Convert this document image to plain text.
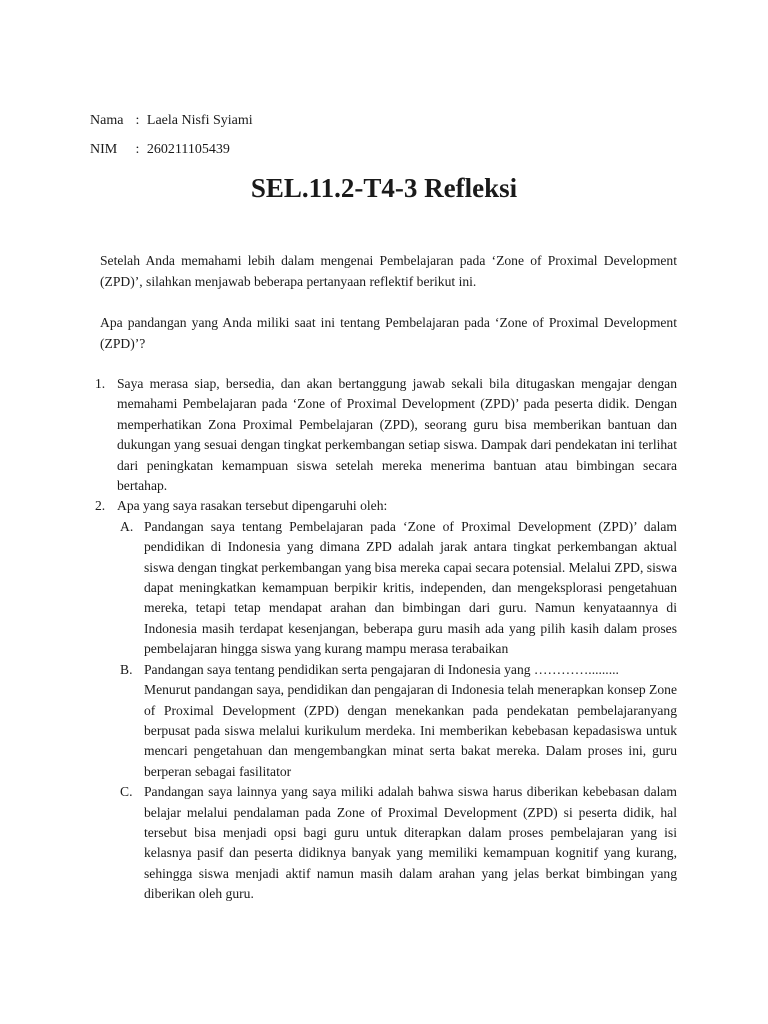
Nama : Laela Nisfi Syiami
NIM : 260211105439
SEL.11.2-T4-3 Refleksi

Setelah Anda memahami lebih dalam mengenai Pembelajaran pada ‘Zone of Proximal Development (ZPD)’, silahkan menjawab beberapa pertanyaan reflektif berikut ini.

Apa pandangan yang Anda miliki saat ini tentang Pembelajaran pada ‘Zone of Proximal Development (ZPD)’?

1. Saya merasa siap, bersedia, dan akan bertanggung jawab sekali bila ditugaskan mengajar dengan memahami Pembelajaran pada ‘Zone of Proximal Development (ZPD)’ pada peserta didik. Dengan memperhatikan Zona Proximal Pembelajaran (ZPD), seorang guru bisa memberikan bantuan dan dukungan yang sesuai dengan tingkat perkembangan setiap siswa. Dampak dari pendekatan ini terlihat dari peningkatan kemampuan siswa setelah mereka menerima bantuan atau bimbingan secara bertahap.
2. Apa yang saya rasakan tersebut dipengaruhi oleh:
A. Pandangan saya tentang Pembelajaran pada ‘Zone of Proximal Development (ZPD)’ dalam pendidikan di Indonesia yang dimana ZPD adalah jarak antara tingkat perkembangan aktual siswa dengan tingkat perkembangan yang bisa mereka capai secara potensial. Melalui ZPD, siswa dapat meningkatkan kemampuan berpikir kritis, independen, dan mengeksplorasi pengetahuan mereka, tetapi tetap mendapat arahan dan bimbingan dari guru. Namun kenyataannya di Indonesia masih terdapat kesenjangan, beberapa guru masih ada yang pilih kasih dalam proses pembelajaran hingga siswa yang kurang mampu merasa terabaikan
B. Pandangan saya tentang pendidikan serta pengajaran di Indonesia yang ………….........
Menurut pandangan saya, pendidikan dan pengajaran di Indonesia telah menerapkan konsep Zone of Proximal Development (ZPD) dengan menekankan pada pendekatan pembelajaranyang berpusat pada siswa melalui kurikulum merdeka. Ini memberikan kebebasan kepadasiswa untuk mencari pengetahuan dan mengembangkan minat serta bakat mereka. Dalam proses ini, guru berperan sebagai fasilitator
C. Pandangan saya lainnya yang saya miliki adalah bahwa siswa harus diberikan kebebasan dalam belajar melalui pendalaman pada Zone of Proximal Development (ZPD) si peserta didik, hal tersebut bisa menjadi opsi bagi guru untuk diterapkan dalam proses pembelajaran yang isi kelasnya pasif dan peserta didiknya banyak yang memiliki kemampuan kognitif yang kurang, sehingga siswa menjadi aktif namun masih dalam arahan yang jelas berkat bimbingan yang diberikan oleh guru.
